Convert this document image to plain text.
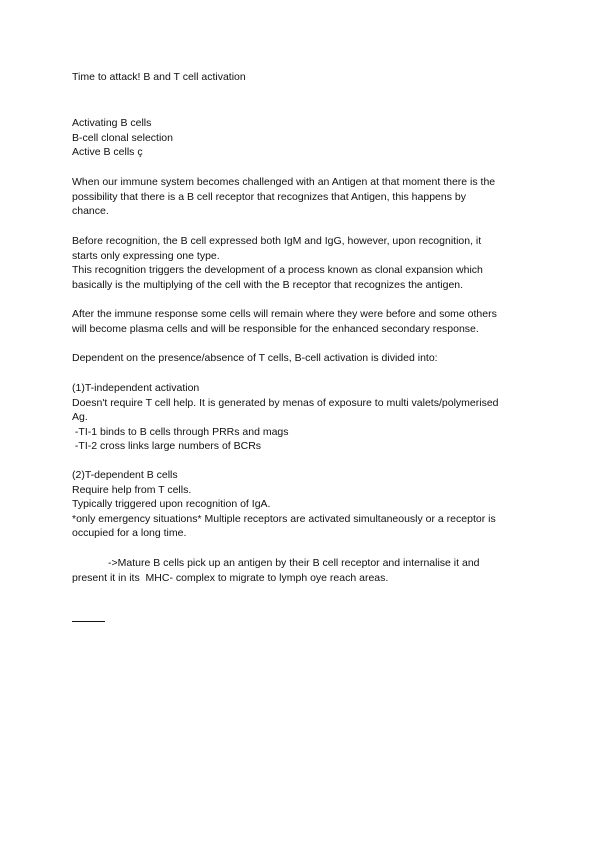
Time to attack! B and T cell activation

Activating B cells
B-cell clonal selection
Active B cells ç

When our immune system becomes challenged with an Antigen at that moment there is the
possibility that there is a B cell receptor that recognizes that Antigen, this happens by
chance.

Before recognition, the B cell expressed both IgM and IgG, however, upon recognition, it
starts only expressing one type.
This recognition triggers the development of a process known as clonal expansion which
basically is the multiplying of the cell with the B receptor that recognizes the antigen.

After the immune response some cells will remain where they were before and some others
will become plasma cells and will be responsible for the enhanced secondary response.

Dependent on the presence/absence of T cells, B-cell activation is divided into:

(1)T-independent activation
Doesn't require T cell help. It is generated by menas of exposure to multi valets/polymerised
Ag.
-TI-1 binds to B cells through PRRs and mags
-TI-2 cross links large numbers of BCRs

(2)T-dependent B cells
Require help from T cells.
Typically triggered upon recognition of IgA.
*only emergency situations* Multiple receptors are activated simultaneously or a receptor is
occupied for a long time.

->Mature B cells pick up an antigen by their B cell receptor and internalise it and
present it in its  MHC- complex to migrate to lymph oye reach areas.
